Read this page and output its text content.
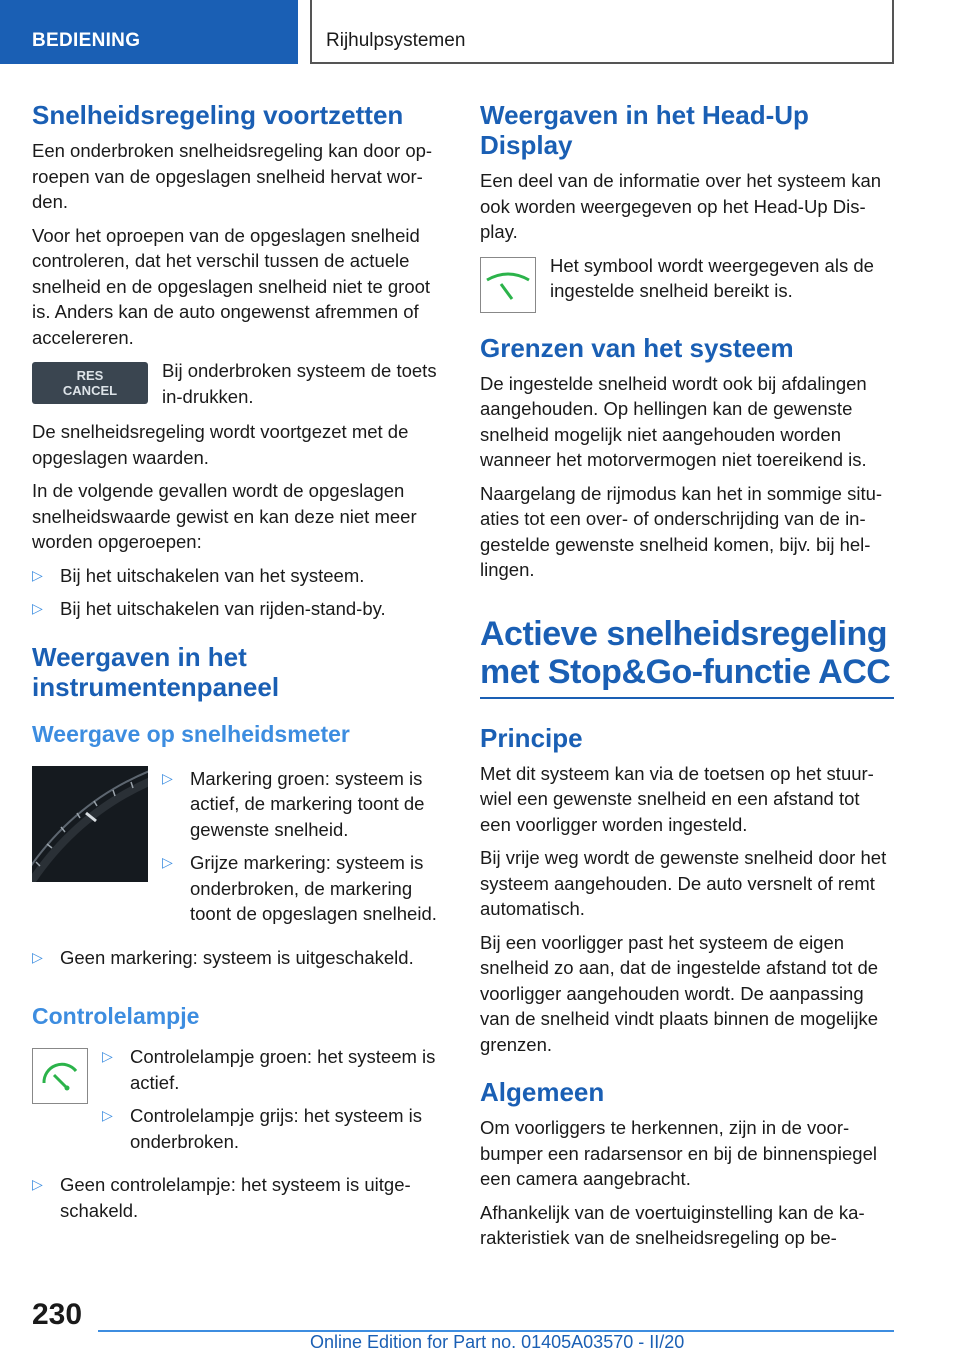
BEDIENING	Rijhulpsystemen
Snelheidsregeling voortzetten

Een onderbroken snelheidsregeling kan door op-roepen van de opgeslagen snelheid hervat wor-den.

Voor het oproepen van de opgeslagen snelheid controleren, dat het verschil tussen de actuele snelheid en de opgeslagen snelheid niet te groot is. Anders kan de auto ongewenst afremmen of accelereren.

RES
CANCEL
Bij onderbroken systeem de toets in-drukken.

De snelheidsregeling wordt voortgezet met de opgeslagen waarden.

In de volgende gevallen wordt de opgeslagen snelheidswaarde gewist en kan deze niet meer worden opgeroepen:

▷ Bij het uitschakelen van het systeem.
▷ Bij het uitschakelen van rijden-stand-by.
Weergaven in het instrumentenpaneel
Weergave op snelheidsmeter
▷ Markering groen: systeem is actief, de markering toont de gewenste snelheid.
▷ Grijze markering: systeem is onderbroken, de markering toont de opgeslagen snelheid.
▷ Geen markering: systeem is uitgeschakeld.
Controlelampje
▷ Controlelampje groen: het systeem is actief.
▷ Controlelampje grijs: het systeem is onderbroken.
▷ Geen controlelampje: het systeem is uitge-schakeld.
Weergaven in het Head-Up Display

Een deel van de informatie over het systeem kan ook worden weergegeven op het Head-Up Dis-play.

Het symbool wordt weergegeven als de ingestelde snelheid bereikt is.
Grenzen van het systeem

De ingestelde snelheid wordt ook bij afdalingen aangehouden. Op hellingen kan de gewenste snelheid mogelijk niet aangehouden worden wanneer het motorvermogen niet toereikend is.

Naargelang de rijmodus kan het in sommige situ-aties tot een over- of onderschrijding van de in-gestelde gewenste snelheid komen, bijv. bij hel-lingen.

Actieve snelheidsregeling met Stop&Go-functie ACC
Principe

Met dit systeem kan via de toetsen op het stuur-wiel een gewenste snelheid en een afstand tot een voorligger worden ingesteld.

Bij vrije weg wordt de gewenste snelheid door het systeem aangehouden. De auto versnelt of remt automatisch.

Bij een voorligger past het systeem de eigen snelheid zo aan, dat de ingestelde afstand tot de voorligger aangehouden wordt. De aanpassing van de snelheid vindt plaats binnen de mogelijke grenzen.

Algemeen

Om voorliggers te herkennen, zijn in de voor-bumper een radarsensor en bij de binnenspiegel een camera aangebracht.

Afhankelijk van de voertuiginstelling kan de ka-rakteristiek van de snelheidsregeling op be-

230
Online Edition for Part no. 01405A03570 - II/20
